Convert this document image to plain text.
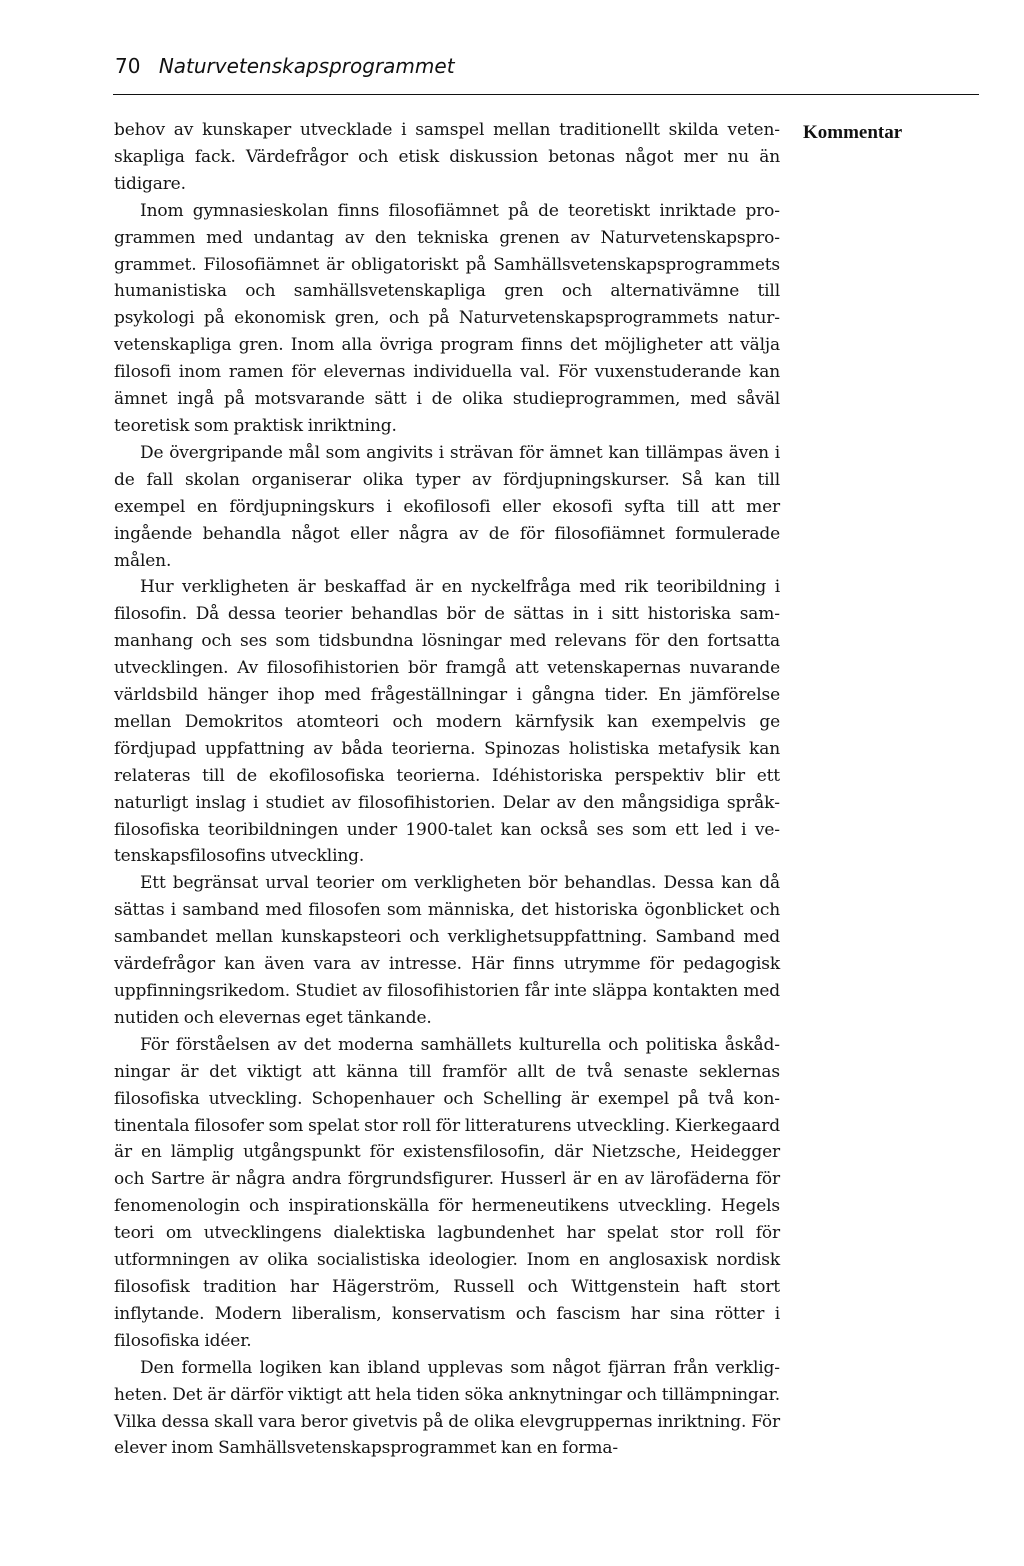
70 Naturvetenskapsprogrammet
Kommentar

behov av kunskaper utvecklade i samspel mellan traditionellt skilda vetenskapliga fack. Värdefrågor och etisk diskussion betonas något mer nu än tidigare.

Inom gymnasieskolan finns filosofiämnet på de teoretiskt inriktade programmen med undantag av den tekniska grenen av Naturvetenskapsprogrammet. Filosofiämnet är obligatoriskt på Samhällsvetenskapsprogrammets humanistiska och samhällsvetenskapliga gren och alternativämne till psykologi på ekonomisk gren, och på Naturvetenskapsprogrammets naturvetenskapliga gren. Inom alla övriga program finns det möjligheter att välja filosofi inom ramen för elevernas individuella val. För vuxenstuderande kan ämnet ingå på motsvarande sätt i de olika studieprogrammen, med såväl teoretisk som praktisk inriktning.

De övergripande mål som angivits i strävan för ämnet kan tillämpas även i de fall skolan organiserar olika typer av fördjupningskurser. Så kan till exempel en fördjupningskurs i ekofilosofi eller ekosofi syfta till att mer ingående behandla något eller några av de för filosofiämnet formulerade målen.

Hur verkligheten är beskaffad är en nyckelfråga med rik teoribildning i filosofin. Då dessa teorier behandlas bör de sättas in i sitt historiska sammanhang och ses som tidsbundna lösningar med relevans för den fortsatta utvecklingen. Av filosofihistorien bör framgå att vetenskapernas nuvarande världsbild hänger ihop med frågeställningar i gångna tider. En jämförelse mellan Demokritos atomteori och modern kärnfysik kan exempelvis ge fördjupad uppfattning av båda teorierna. Spinozas holistiska metafysik kan relateras till de ekofilosofiska teorierna. Idéhistoriska perspektiv blir ett naturligt inslag i studiet av filosofihistorien. Delar av den mångsidiga språkfilosofiska teoribildningen under 1900-talet kan också ses som ett led i vetenskapsfilosofins utveckling.

Ett begränsat urval teorier om verkligheten bör behandlas. Dessa kan då sättas i samband med filosofen som människa, det historiska ögonblicket och sambandet mellan kunskapsteori och verklighetsuppfattning. Samband med värdefrågor kan även vara av intresse. Här finns utrymme för pedagogisk uppfinningsrikedom. Studiet av filosofihistorien får inte släppa kontakten med nutiden och elevernas eget tänkande.

För förståelsen av det moderna samhällets kulturella och politiska åskådningar är det viktigt att känna till framför allt de två senaste seklernas filosofiska utveckling. Schopenhauer och Schelling är exempel på två kontinentala filosofer som spelat stor roll för litteraturens utveckling. Kierkegaard är en lämplig utgångspunkt för existensfilosofin, där Nietzsche, Heidegger och Sartre är några andra förgrundsfigurer. Husserl är en av lärofäderna för fenomenologin och inspirationskälla för hermeneutikens utveckling. Hegels teori om utvecklingens dialektiska lagbundenhet har spelat stor roll för utformningen av olika socialistiska ideologier. Inom en anglosaxisk nordisk filosofisk tradition har Hägerström, Russell och Wittgenstein haft stort inflytande. Modern liberalism, konservatism och fascism har sina rötter i filosofiska idéer.

Den formella logiken kan ibland upplevas som något fjärran från verkligheten. Det är därför viktigt att hela tiden söka anknytningar och tillämpningar. Vilka dessa skall vara beror givetvis på de olika elevgruppernas inriktning. För elever inom Samhällsvetenskapsprogrammet kan en forma-
